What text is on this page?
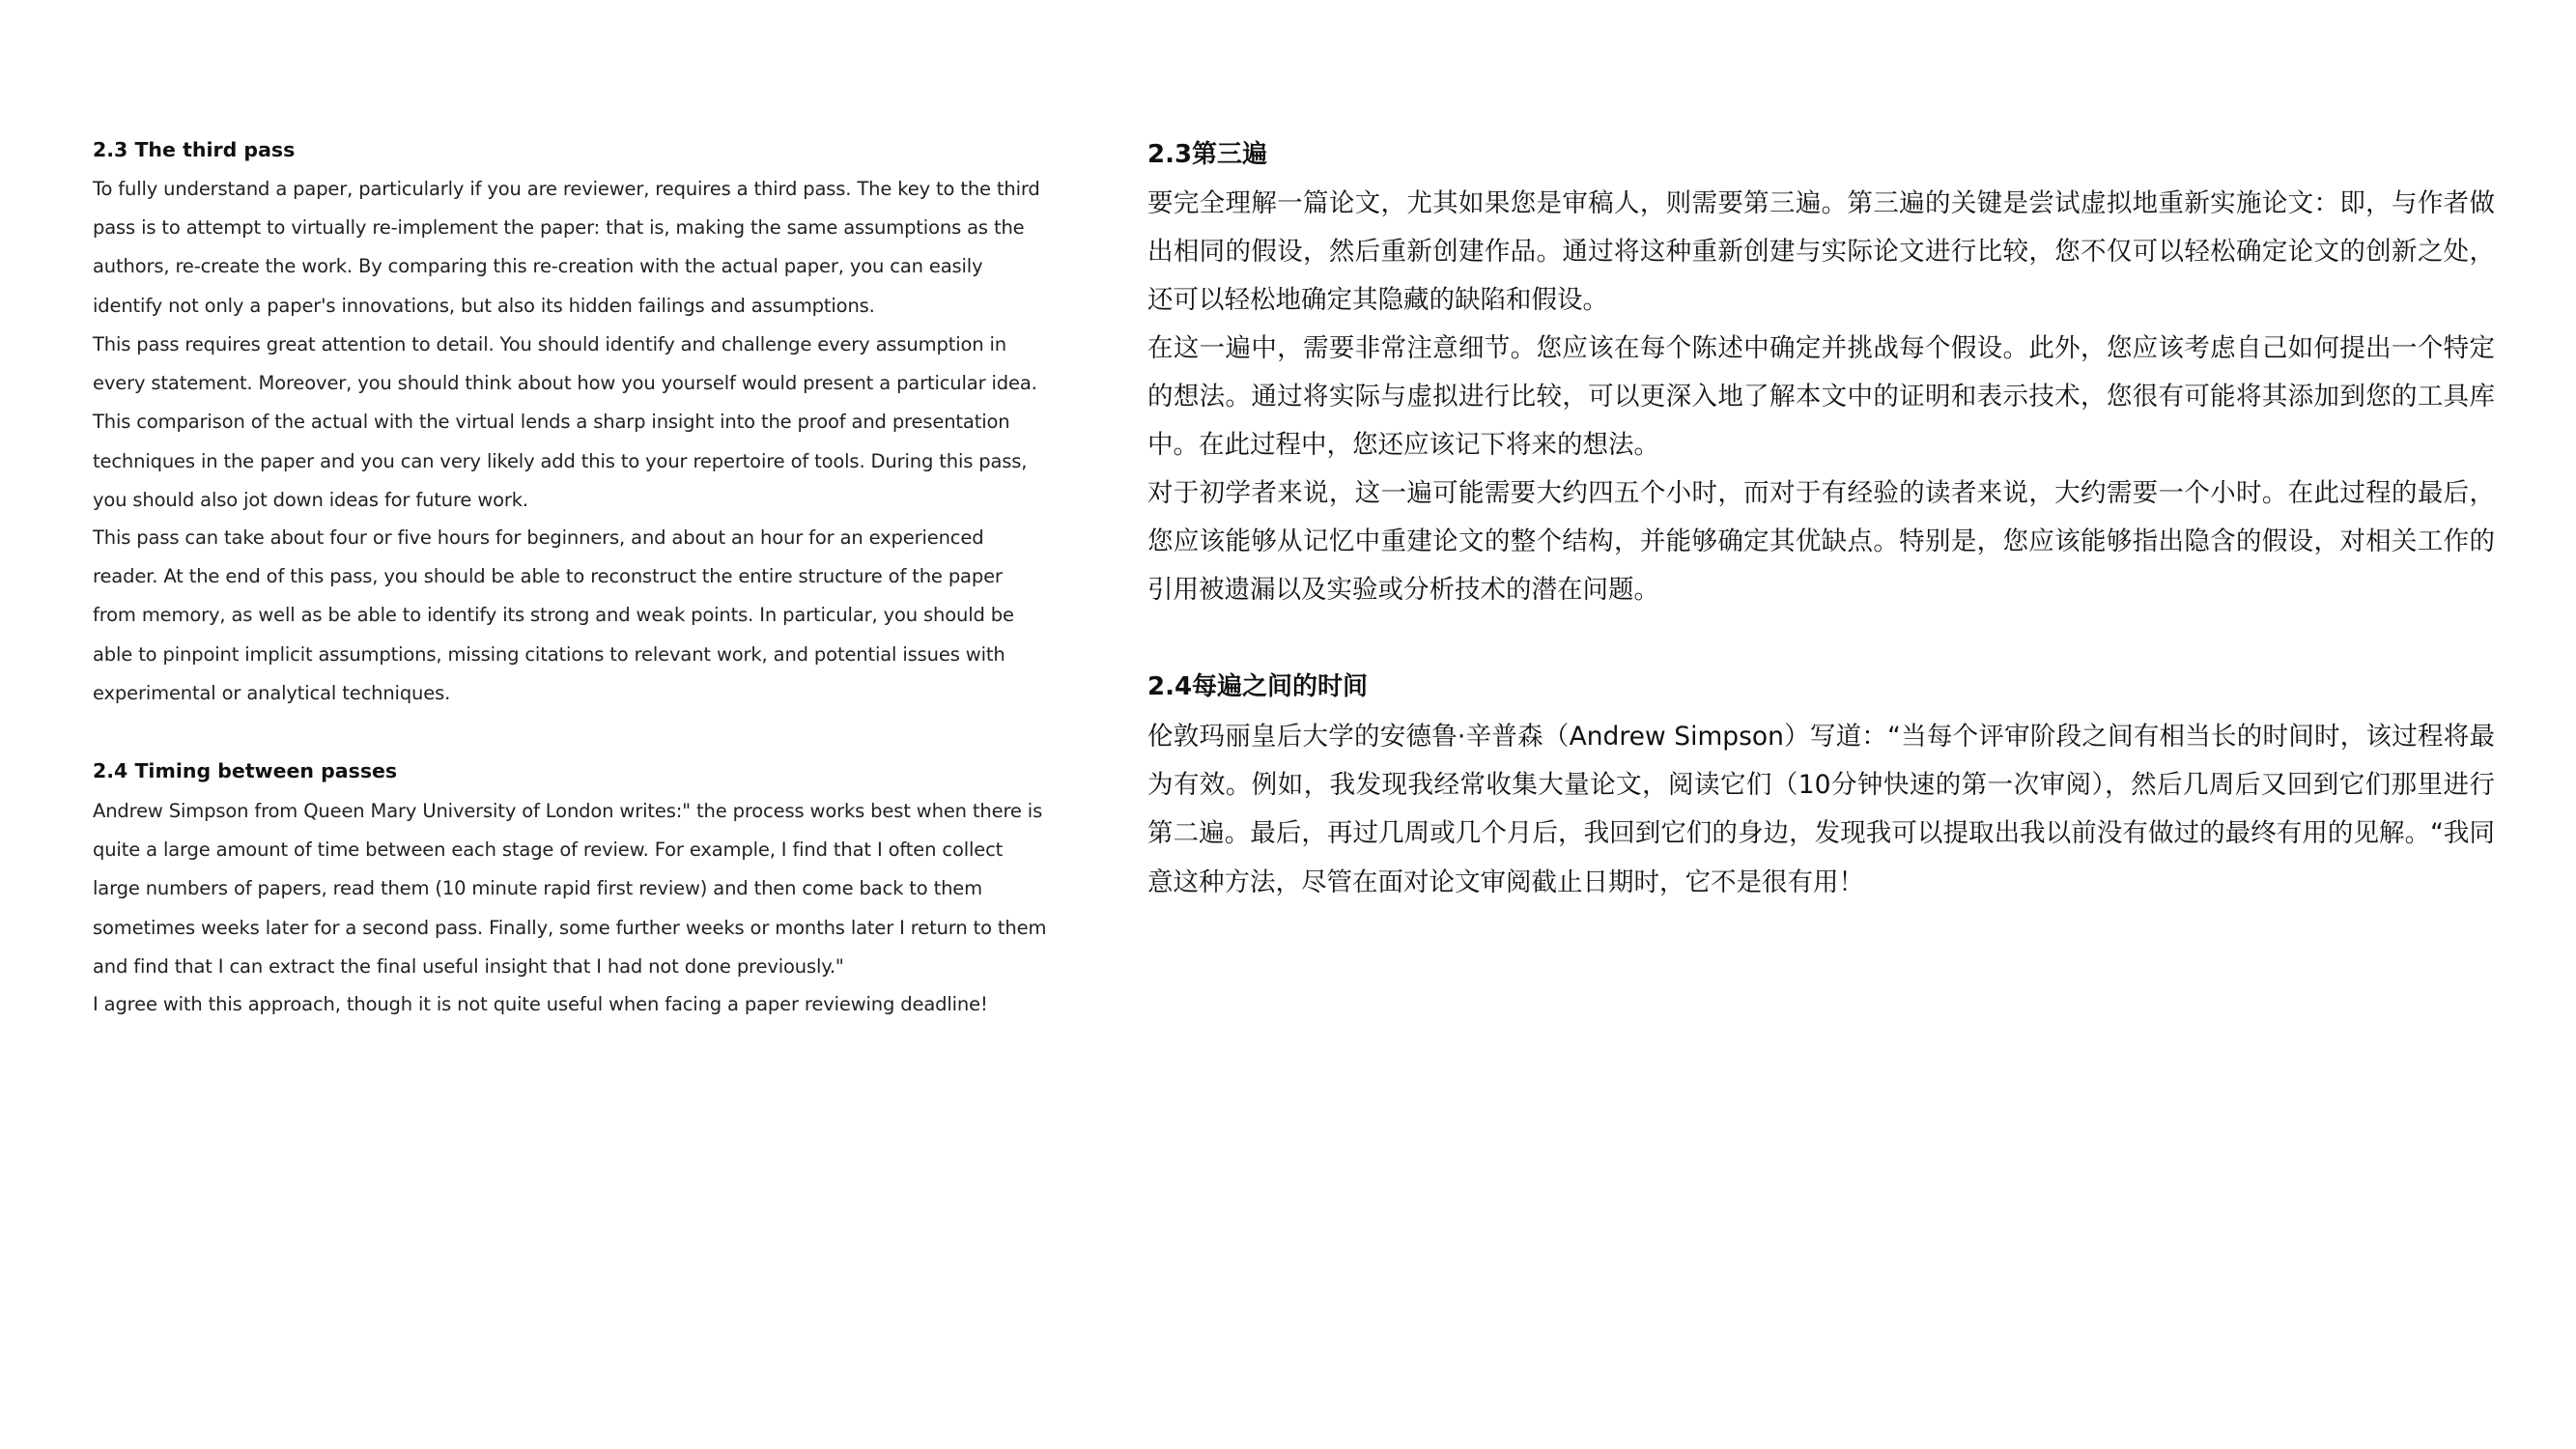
2.3 The third pass
To fully understand a paper, particularly if you are reviewer, requires a third pass. The key to the third pass is to attempt to virtually re-implement the paper: that is, making the same assumptions as the authors, re-create the work. By comparing this re-creation with the actual paper, you can easily identify not only a paper's innovations, but also its hidden failings and assumptions.
This pass requires great attention to detail. You should identify and challenge every assumption in every statement. Moreover, you should think about how you yourself would present a particular idea. This comparison of the actual with the virtual lends a sharp insight into the proof and presentation techniques in the paper and you can very likely add this to your repertoire of tools. During this pass, you should also jot down ideas for future work.
This pass can take about four or five hours for beginners, and about an hour for an experienced reader. At the end of this pass, you should be able to reconstruct the entire structure of the paper from memory, as well as be able to identify its strong and weak points. In particular, you should be able to pinpoint implicit assumptions, missing citations to relevant work, and potential issues with experimental or analytical techniques.
2.4 Timing between passes
Andrew Simpson from Queen Mary University of London writes:" the process works best when there is quite a large amount of time between each stage of review. For example, I find that I often collect large numbers of papers, read them (10 minute rapid first review) and then come back to them sometimes weeks later for a second pass. Finally, some further weeks or months later I return to them and find that I can extract the final useful insight that I had not done previously."
I agree with this approach, though it is not quite useful when facing a paper reviewing deadline!
2.3第三遍
要完全理解一篇论文，尤其如果您是审稿人，则需要第三遍。第三遍的关键是尝试虚拟地重新实施论文：即，与作者做出相同的假设，然后重新创建作品。通过将这种重新创建与实际论文进行比较，您不仅可以轻松确定论文的创新之处，还可以轻松地确定其隐藏的缺陷和假设。
在这一遍中，需要非常注意细节。您应该在每个陈述中确定并挑战每个假设。此外，您应该考虑自己如何提出一个特定的想法。通过将实际与虚拟进行比较，可以更深入地了解本文中的证明和表示技术，您很有可能将其添加到您的工具库中。在此过程中，您还应该记下将来的想法。
对于初学者来说，这一遍可能需要大约四五个小时，而对于有经验的读者来说，大约需要一个小时。在此过程的最后，您应该能够从记忆中重建论文的整个结构，并能够确定其优缺点。特别是，您应该能够指出隐含的假设，对相关工作的引用被遗漏以及实验或分析技术的潜在问题。
2.4每遍之间的时间
伦敦玛丽皇后大学的安德鲁·辛普森（Andrew Simpson）写道：“当每个评审阶段之间有相当长的时间时，该过程将最为有效。例如，我发现我经常收集大量论文，阅读它们（10分钟快速的第一次审阅），然后几周后又回到它们那里进行第二遍。最后，再过几周或几个月后，我回到它们的身边，发现我可以提取出我以前没有做过的最终有用的见解。“我同意这种方法，尽管在面对论文审阅截止日期时，它不是很有用！
